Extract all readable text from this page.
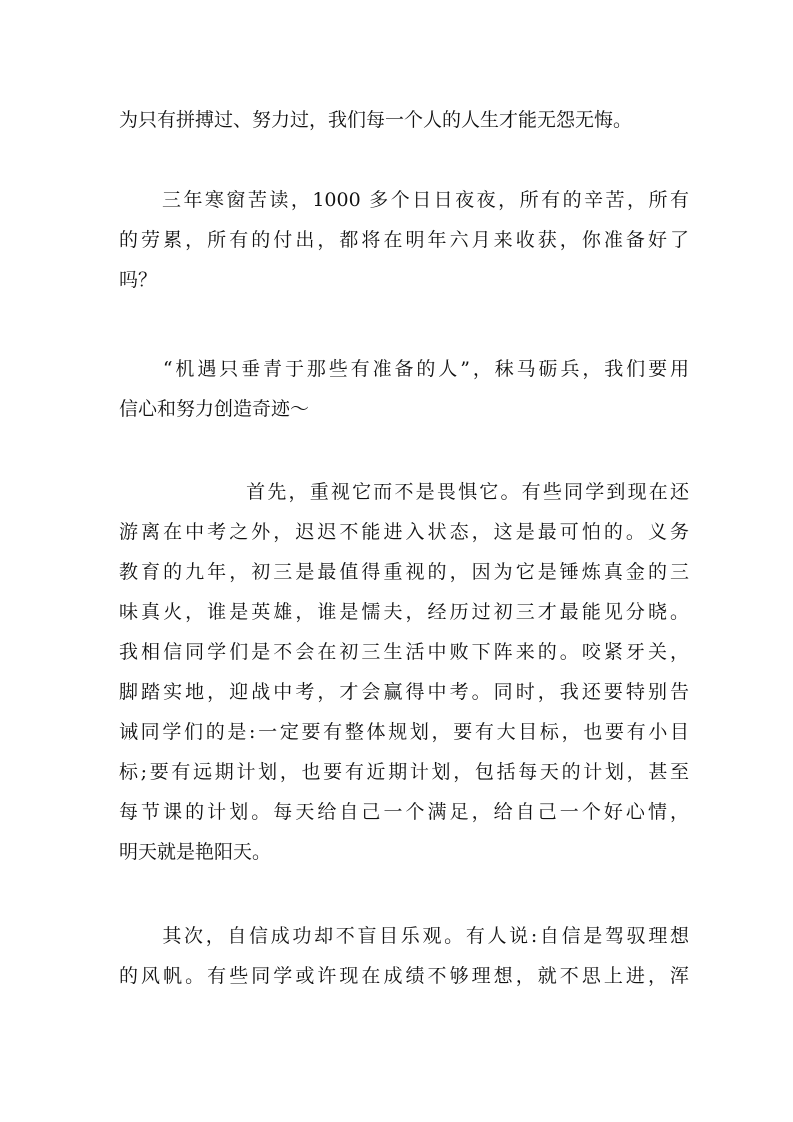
为只有拼搏过、努力过，我们每一个人的人生才能无怨无悔。
　　三年寒窗苦读，1000 多个日日夜夜，所有的辛苦，所有
的劳累，所有的付出，都将在明年六月来收获，你准备好了
吗？
　　“机遇只垂青于那些有准备的人”，秣马砺兵，我们要用
信心和努力创造奇迹～
　　　　　　首先，重视它而不是畏惧它。有些同学到现在还
游离在中考之外，迟迟不能进入状态，这是最可怕的。义务
教育的九年，初三是最值得重视的，因为它是锤炼真金的三
味真火，谁是英雄，谁是懦夫，经历过初三才最能见分晓。
我相信同学们是不会在初三生活中败下阵来的。咬紧牙关，
脚踏实地，迎战中考，才会赢得中考。同时，我还要特别告
诫同学们的是:一定要有整体规划，要有大目标，也要有小目
标;要有远期计划，也要有近期计划，包括每天的计划，甚至
每节课的计划。每天给自己一个满足，给自己一个好心情，
明天就是艳阳天。
　　其次，自信成功却不盲目乐观。有人说:自信是驾驭理想
的风帆。有些同学或许现在成绩不够理想，就不思上进，浑
